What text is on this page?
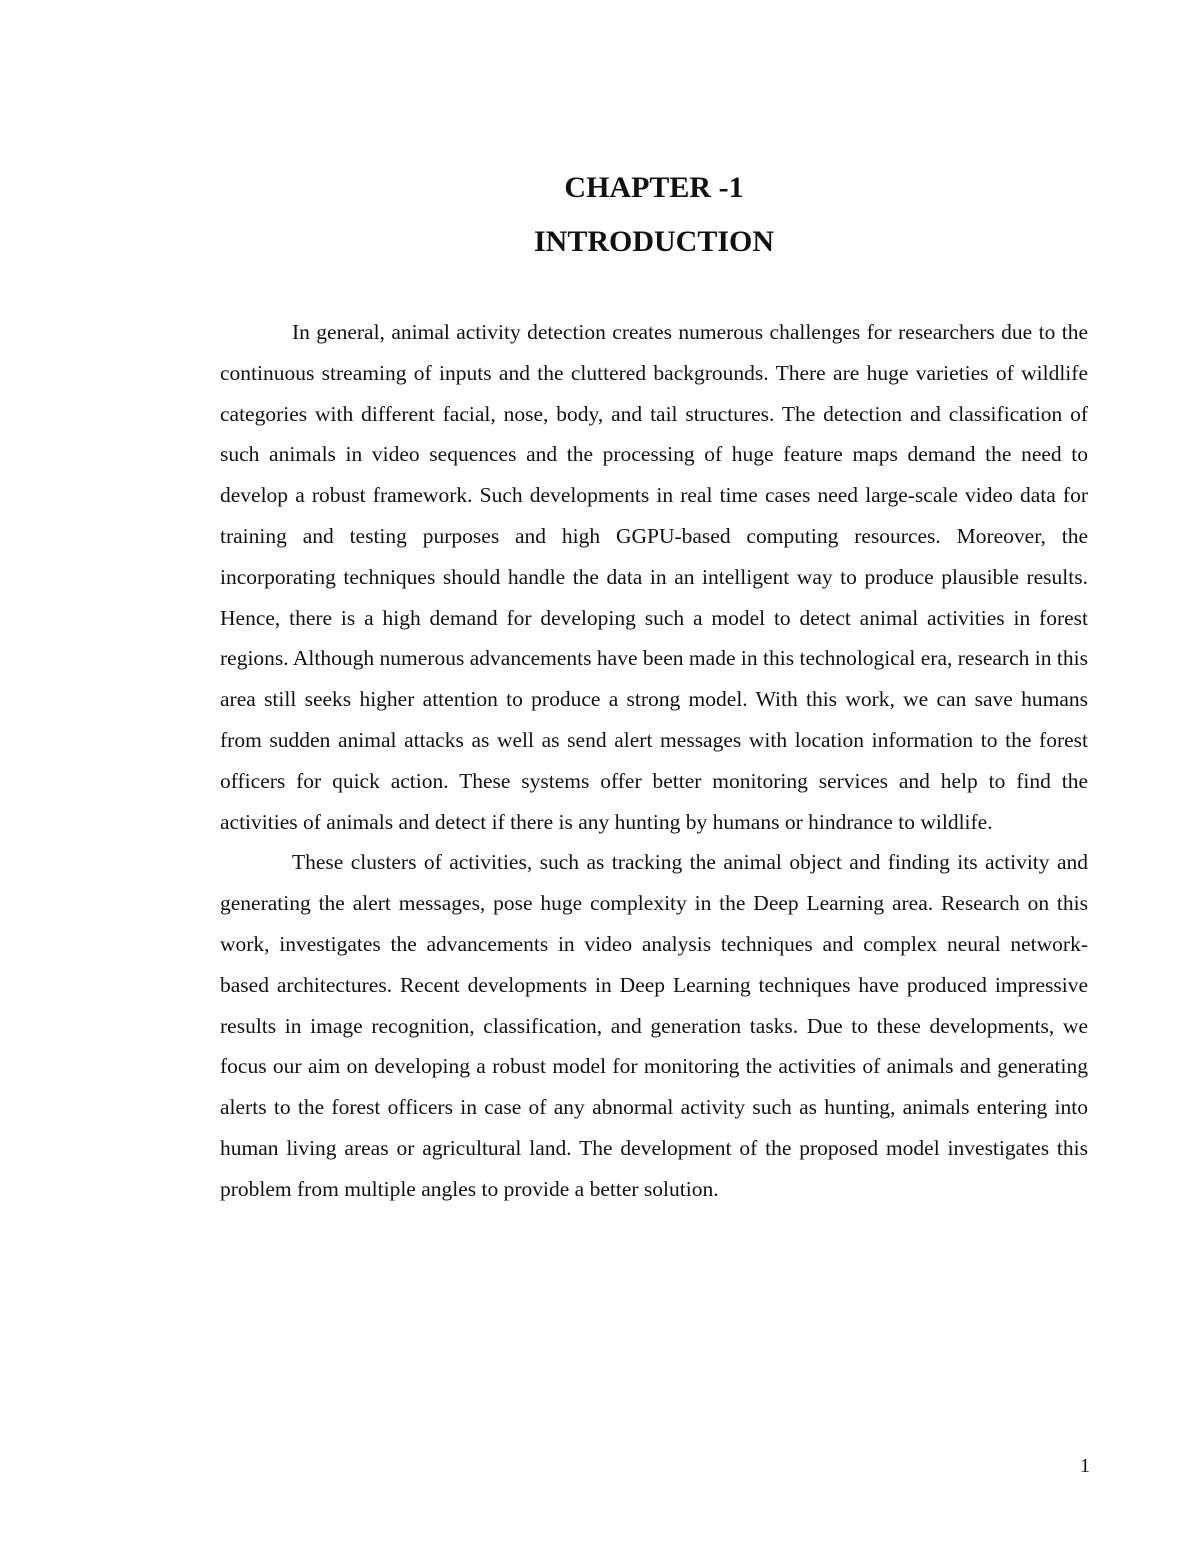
CHAPTER -1
INTRODUCTION

In general, animal activity detection creates numerous challenges for researchers due to the continuous streaming of inputs and the cluttered backgrounds. There are huge varieties of wildlife categories with different facial, nose, body, and tail structures. The detection and classification of such animals in video sequences and the processing of huge feature maps demand the need to develop a robust framework. Such developments in real time cases need large-scale video data for training and testing purposes and high GGPU-based computing resources. Moreover, the incorporating techniques should handle the data in an intelligent way to produce plausible results. Hence, there is a high demand for developing such a model to detect animal activities in forest regions. Although numerous advancements have been made in this technological era, research in this area still seeks higher attention to produce a strong model. With this work, we can save humans from sudden animal attacks as well as send alert messages with location information to the forest officers for quick action. These systems offer better monitoring services and help to find the activities of animals and detect if there is any hunting by humans or hindrance to wildlife.

These clusters of activities, such as tracking the animal object and finding its activity and generating the alert messages, pose huge complexity in the Deep Learning area. Research on this work, investigates the advancements in video analysis techniques and complex neural network-based architectures. Recent developments in Deep Learning techniques have produced impressive results in image recognition, classification, and generation tasks. Due to these developments, we focus our aim on developing a robust model for monitoring the activities of animals and generating alerts to the forest officers in case of any abnormal activity such as hunting, animals entering into human living areas or agricultural land. The development of the proposed model investigates this problem from multiple angles to provide a better solution.

1
